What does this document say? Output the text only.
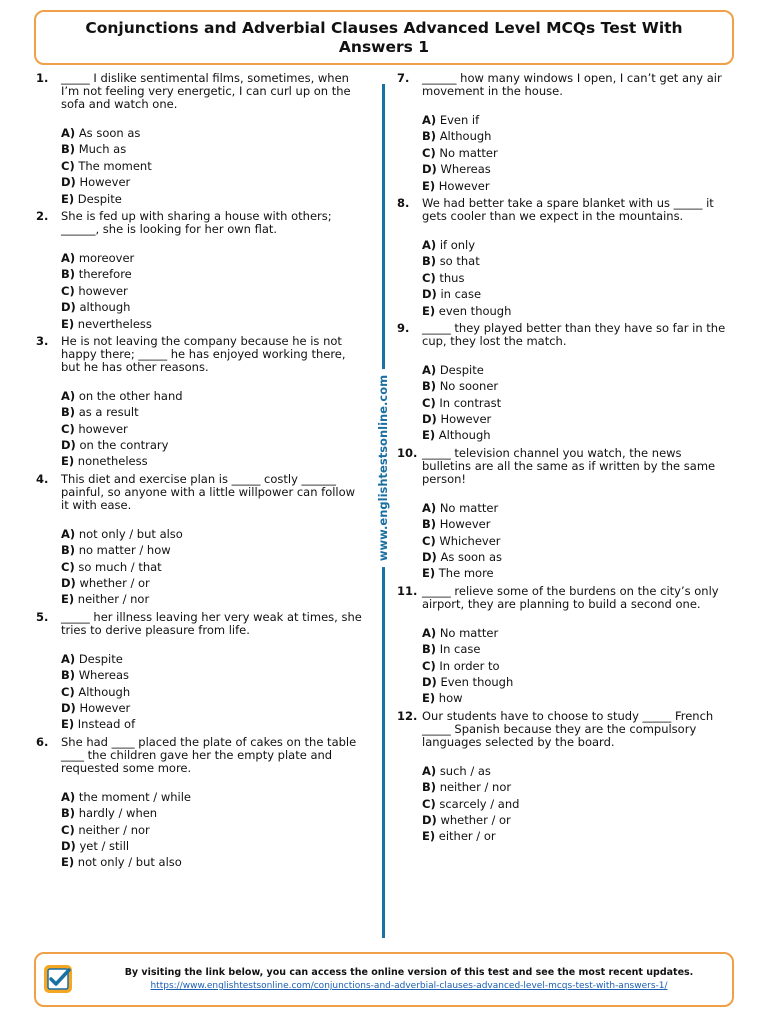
Conjunctions and Adverbial Clauses Advanced Level MCQs Test With Answers 1
1.	_____ I dislike sentimental films, sometimes, when I’m not feeling very energetic, I can curl up on the sofa and watch one.
A) As soon as
B) Much as
C) The moment
D) However
E) Despite
2.	She is fed up with sharing a house with others; ______, she is looking for her own flat.
A) moreover
B) therefore
C) however
D) although
E) nevertheless
3.	He is not leaving the company because he is not happy there; _____ he has enjoyed working there, but he has other reasons.
A) on the other hand
B) as a result
C) however
D) on the contrary
E) nonetheless
4.	This diet and exercise plan is _____ costly ______ painful, so anyone with a little willpower can follow it with ease.
A) not only / but also
B) no matter / how
C) so much / that
D) whether / or
E) neither / nor
5.	_____ her illness leaving her very weak at times, she tries to derive pleasure from life.
A) Despite
B) Whereas
C) Although
D) However
E) Instead of
6.	She had ____ placed the plate of cakes on the table ____ the children gave her the empty plate and requested some more.
A) the moment / while
B) hardly / when
C) neither / nor
D) yet / still
E) not only / but also
7.	______ how many windows I open, I can’t get any air movement in the house.
A) Even if
B) Although
C) No matter
D) Whereas
E) However
8.	We had better take a spare blanket with us _____ it gets cooler than we expect in the mountains.
A) if only
B) so that
C) thus
D) in case
E) even though
9.	_____ they played better than they have so far in the cup, they lost the match.
A) Despite
B) No sooner
C) In contrast
D) However
E) Although
10. _____ television channel you watch, the news bulletins are all the same as if written by the same person!
A) No matter
B) However
C) Whichever
D) As soon as
E) The more
11. _____ relieve some of the burdens on the city’s only airport, they are planning to build a second one.
A) No matter
B) In case
C) In order to
D) Even though
E) how
12. Our students have to choose to study _____ French _____ Spanish because they are the compulsory languages selected by the board.
A) such / as
B) neither / nor
C) scarcely / and
D) whether / or
E) either / or
www.englishtestsonline.com
By visiting the link below, you can access the online version of this test and see the most recent updates.
https://www.englishtestsonline.com/conjunctions-and-adverbial-clauses-advanced-level-mcqs-test-with-answers-1/
